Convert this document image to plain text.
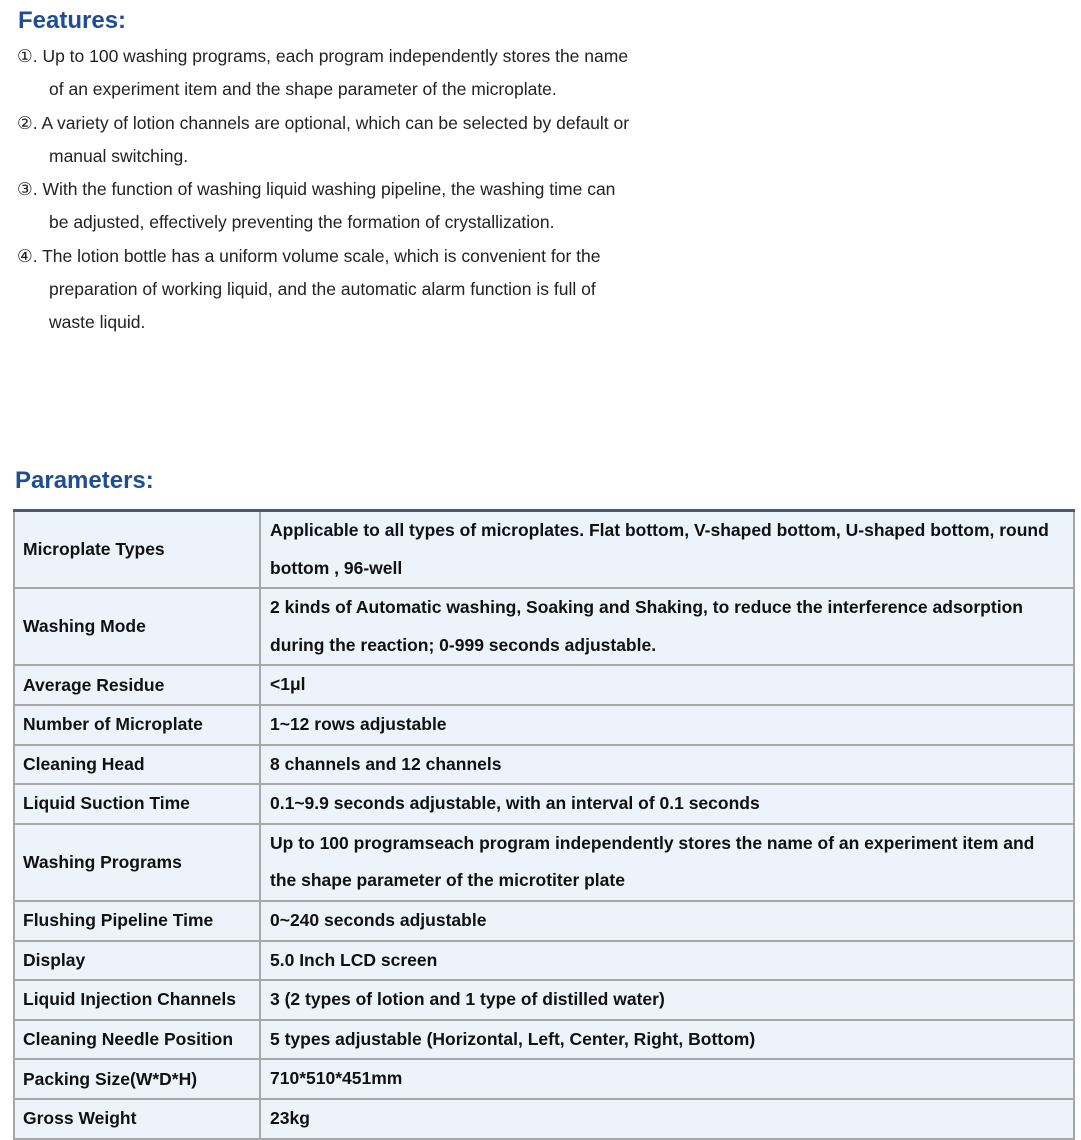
Features:
①. Up to 100 washing programs, each program independently stores the name of an experiment item and the shape parameter of the microplate.
②. A variety of lotion channels are optional, which can be selected by default or manual switching.
③. With the function of washing liquid washing pipeline, the washing time can be adjusted, effectively preventing the formation of crystallization.
④. The lotion bottle has a uniform volume scale, which is convenient for the preparation of working liquid, and the automatic alarm function is full of waste liquid.
Parameters:
Microplate Types	Applicable to all types of microplates. Flat bottom, V-shaped bottom, U-shaped bottom, round bottom , 96-well
Washing Mode	2 kinds of Automatic washing, Soaking and Shaking, to reduce the interference adsorption during the reaction; 0-999 seconds adjustable.
Average Residue	<1μl
Number of Microplate	1~12 rows adjustable
Cleaning Head	8 channels and 12 channels
Liquid Suction Time	0.1~9.9 seconds adjustable, with an interval of 0.1 seconds
Washing Programs	Up to 100 programseach program independently stores the name of an experiment item and the shape parameter of the microtiter plate
Flushing Pipeline Time	0~240 seconds adjustable
Display	5.0 Inch LCD screen
Liquid Injection Channels	3 (2 types of lotion and 1 type of distilled water)
Cleaning Needle Position	5 types adjustable (Horizontal, Left, Center, Right, Bottom)
Packing Size(W*D*H)	710*510*451mm
Gross Weight	23kg
